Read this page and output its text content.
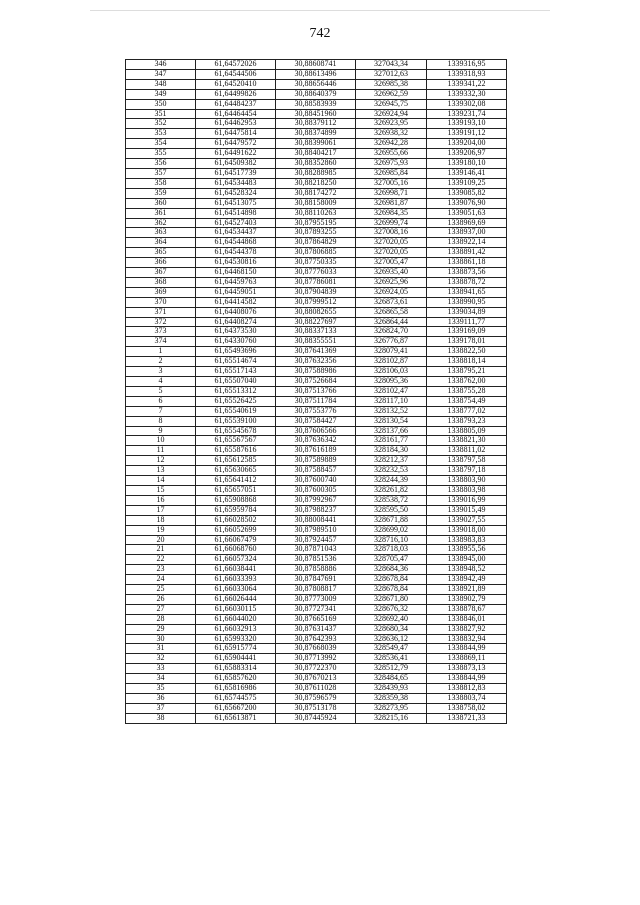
742
346	61,64572026	30,88608741	327043,34	1339316,95
347	61,64544506	30,88613496	327012,63	1339318,93
348	61,64520410	30,88656446	326985,38	1339341,22
349	61,64499826	30,88640379	326962,59	1339332,30
350	61,64484237	30,88583939	326945,75	1339302,08
351	61,64464454	30,88451960	326924,94	1339231,74
352	61,64462953	30,88379112	326923,95	1339193,10
353	61,64475814	30,88374899	326938,32	1339191,12
354	61,64479572	30,88399061	326942,28	1339204,00
355	61,64491622	30,88404217	326955,66	1339206,97
356	61,64509382	30,88352860	326975,93	1339180,10
357	61,64517739	30,88288985	326985,84	1339146,41
358	61,64534483	30,88218250	327005,16	1339109,25
359	61,64528324	30,88174272	326998,71	1339085,82
360	61,64513075	30,88158009	326981,87	1339076,90
361	61,64514898	30,88110263	326984,35	1339051,63
362	61,64527403	30,87955195	326999,74	1338969,69
363	61,64534437	30,87893255	327008,16	1338937,00
364	61,64544868	30,87864829	327020,05	1338922,14
365	61,64544378	30,87806885	327020,05	1338891,42
366	61,64530816	30,87750335	327005,47	1338861,18
367	61,64468150	30,87776033	326935,40	1338873,56
368	61,64459763	30,87786081	326925,96	1338878,72
369	61,64459051	30,87904839	326924,05	1338941,65
370	61,64414582	30,87999512	326873,61	1338990,95
371	61,64408076	30,88082655	326865,58	1339034,89
372	61,64408274	30,88227697	326864,44	1339111,77
373	61,64373530	30,88337133	326824,70	1339169,09
374	61,64330760	30,88355551	326776,87	1339178,01
1	61,65493696	30,87641369	328079,41	1338822,50
2	61,65514674	30,87632356	328102,87	1338818,14
3	61,65517143	30,87588986	328106,03	1338795,21
4	61,65507040	30,87526684	328095,36	1338762,00
5	61,65513312	30,87513766	328102,47	1338755,28
6	61,65526425	30,87511784	328117,10	1338754,49
7	61,65540619	30,87553776	328132,52	1338777,02
8	61,65539100	30,87584427	328130,54	1338793,23
9	61,65545678	30,87606566	328137,66	1338805,09
10	61,65567567	30,87636342	328161,77	1338821,30
11	61,65587616	30,87616189	328184,30	1338811,02
12	61,65612585	30,87589889	328212,37	1338797,58
13	61,65630665	30,87588457	328232,53	1338797,18
14	61,65641412	30,87600740	328244,39	1338803,90
15	61,65657051	30,87600305	328261,82	1338803,98
16	61,65908868	30,87992967	328538,72	1339016,99
17	61,65959784	30,87988237	328595,50	1339015,49
18	61,66028502	30,88008441	328671,88	1339027,55
19	61,66052699	30,87989510	328699,02	1339018,00
20	61,66067479	30,87924457	328716,10	1338983,83
21	61,66068760	30,87871043	328718,03	1338955,56
22	61,66057324	30,87851536	328705,47	1338945,00
23	61,66038441	30,87858886	328684,36	1338948,52
24	61,66033393	30,87847691	328678,84	1338942,49
25	61,66033064	30,87808817	328678,84	1338921,89
26	61,66026444	30,87773009	328671,80	1338902,79
27	61,66030115	30,87727341	328676,32	1338878,67
28	61,66044020	30,87665169	328692,40	1338846,01
29	61,66032913	30,87631437	328680,34	1338827,92
30	61,65993320	30,87642393	328636,12	1338832,94
31	61,65915774	30,87668039	328549,47	1338844,99
32	61,65904441	30,87713992	328536,41	1338869,11
33	61,65883314	30,87722370	328512,79	1338873,13
34	61,65857620	30,87670213	328484,65	1338844,99
35	61,65816986	30,87611028	328439,93	1338812,83
36	61,65744575	30,87596579	328359,38	1338803,74
37	61,65667200	30,87513178	328273,95	1338758,02
38	61,65613871	30,87445924	328215,16	1338721,33
